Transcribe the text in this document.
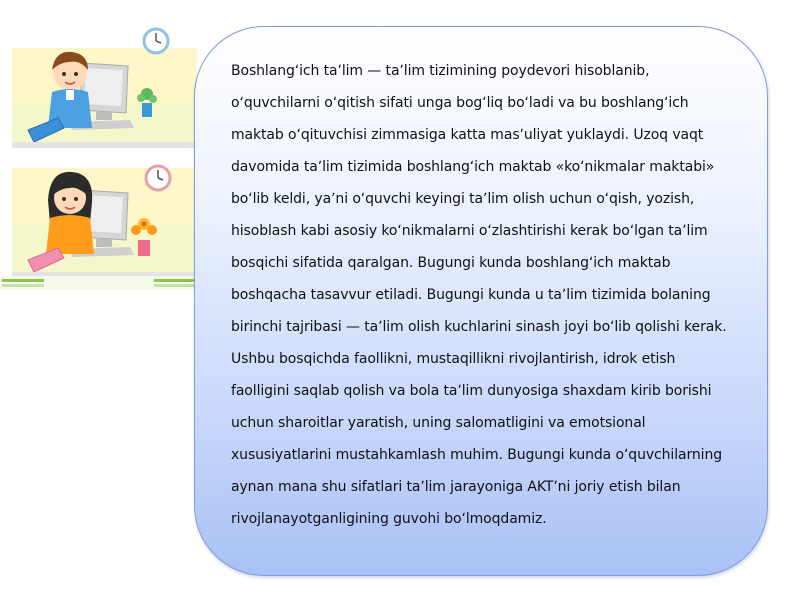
Boshlangʻich taʼlim — taʼlim tizimining poydevori hisoblanib, oʻquvchilarni oʻqitish sifati unga bogʻliq boʻladi va bu boshlangʻich maktab oʻqituvchisi zimmasiga katta masʼuliyat yuklaydi. Uzoq vaqt davomida taʼlim tizimida boshlangʻich maktab «koʻnikmalar maktabi» boʻlib keldi, yaʼni oʻquvchi keyingi taʼlim olish uchun oʻqish, yozish, hisoblash kabi asosiy koʻnikmalarni oʻzlashtirishi kerak boʻlgan taʼlim bosqichi sifatida qaralgan. Bugungi kunda boshlangʻich maktab boshqacha tasavvur etiladi. Bugungi kunda u taʼlim tizimida bolaning birinchi tajribasi — taʼlim olish kuchlarini sinash joyi boʻlib qolishi kerak. Ushbu bosqichda faollikni, mustaqillikni rivojlantirish, idrok etish faolligini saqlab qolish va bola taʼlim dunyosiga shaxdam kirib borishi uchun sharoitlar yaratish, uning salomatligini va emotsional xususiyatlarini mustahkamlash muhim. Bugungi kunda oʻquvchilarning aynan mana shu sifatlari taʼlim jarayoniga AKTʼni joriy etish bilan rivojlanayotganligining guvohi boʻlmoqdamiz.
